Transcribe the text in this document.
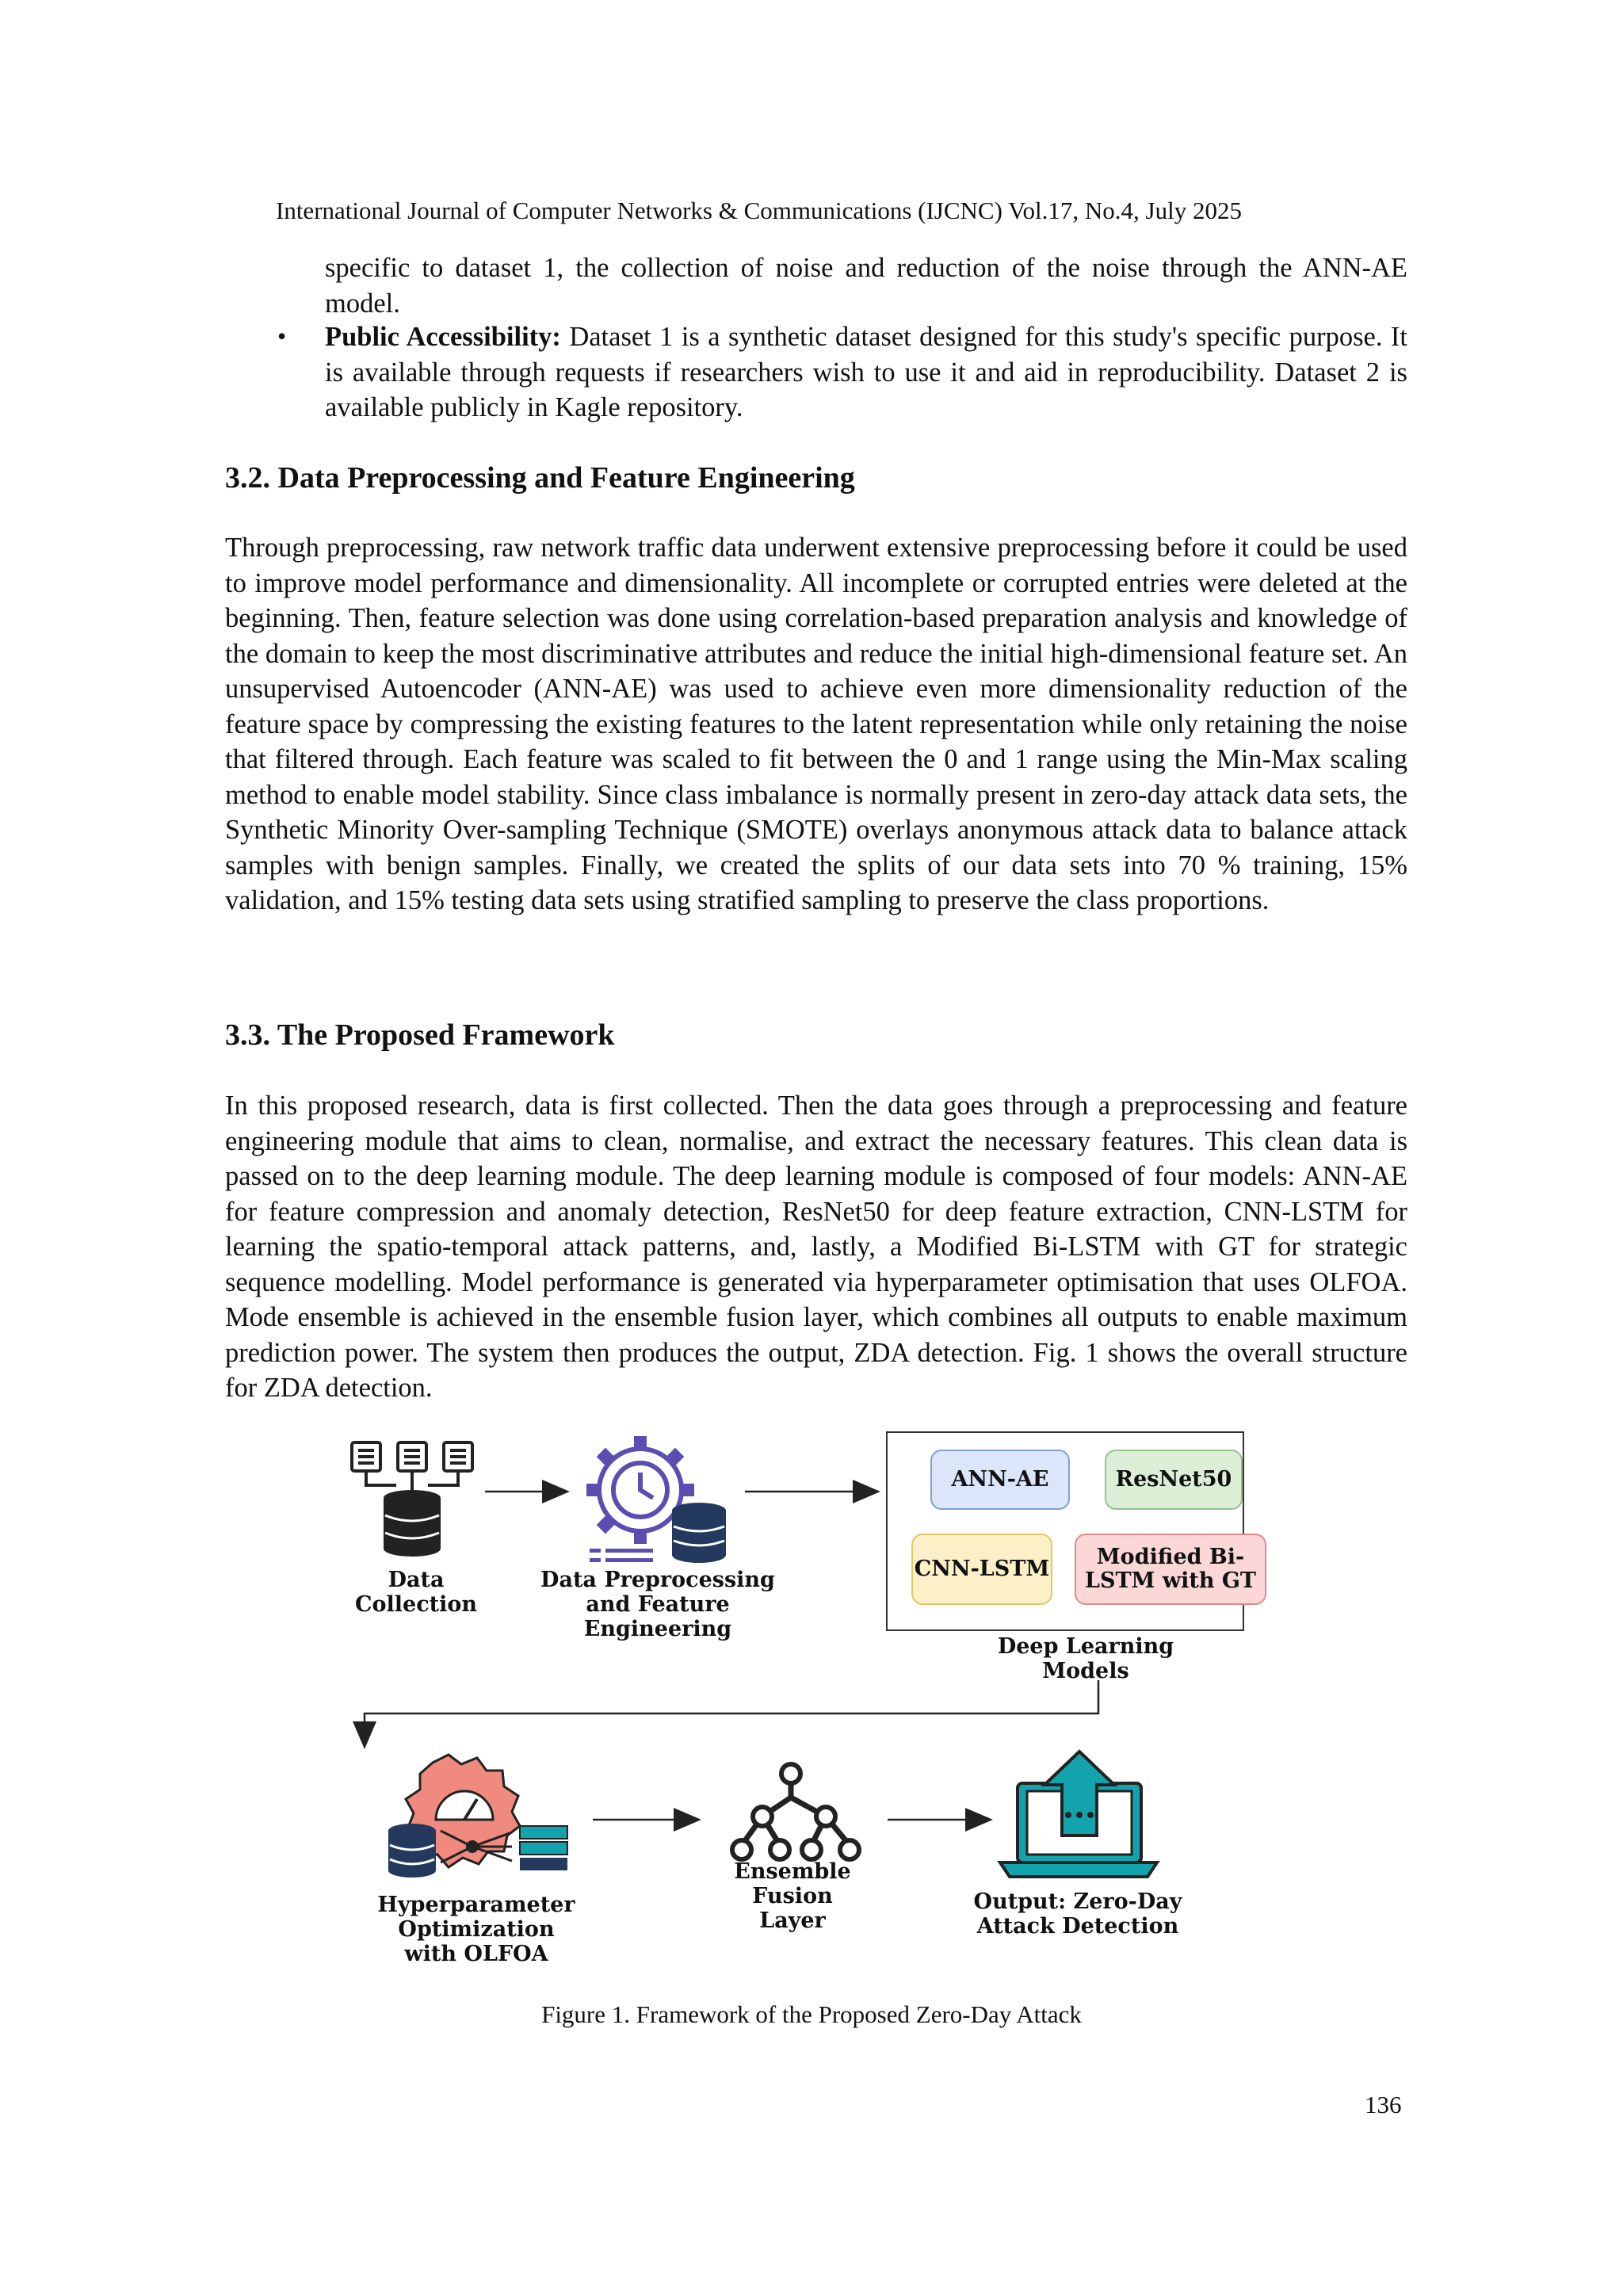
International Journal of Computer Networks & Communications (IJCNC) Vol.17, No.4, July 2025

specific to dataset 1, the collection of noise and reduction of the noise through the ANN-AE model.

• Public Accessibility: Dataset 1 is a synthetic dataset designed for this study's specific purpose. It is available through requests if researchers wish to use it and aid in reproducibility. Dataset 2 is available publicly in Kagle repository.

3.2. Data Preprocessing and Feature Engineering

Through preprocessing, raw network traffic data underwent extensive preprocessing before it could be used to improve model performance and dimensionality. All incomplete or corrupted entries were deleted at the beginning. Then, feature selection was done using correlation-based preparation analysis and knowledge of the domain to keep the most discriminative attributes and reduce the initial high-dimensional feature set. An unsupervised Autoencoder (ANN-AE) was used to achieve even more dimensionality reduction of the feature space by compressing the existing features to the latent representation while only retaining the noise that filtered through. Each feature was scaled to fit between the 0 and 1 range using the Min-Max scaling method to enable model stability. Since class imbalance is normally present in zero-day attack data sets, the Synthetic Minority Over-sampling Technique (SMOTE) overlays anonymous attack data to balance attack samples with benign samples. Finally, we created the splits of our data sets into 70 % training, 15% validation, and 15% testing data sets using stratified sampling to preserve the class proportions.

3.3. The Proposed Framework

In this proposed research, data is first collected. Then the data goes through a preprocessing and feature engineering module that aims to clean, normalise, and extract the necessary features. This clean data is passed on to the deep learning module. The deep learning module is composed of four models: ANN-AE for feature compression and anomaly detection, ResNet50 for deep feature extraction, CNN-LSTM for learning the spatio-temporal attack patterns, and, lastly, a Modified Bi-LSTM with GT for strategic sequence modelling. Model performance is generated via hyperparameter optimisation that uses OLFOA. Mode ensemble is achieved in the ensemble fusion layer, which combines all outputs to enable maximum prediction power. The system then produces the output, ZDA detection. Fig. 1 shows the overall structure for ZDA detection.

Data Collection
Data Preprocessing
and Feature
Engineering
ANN-AE	ResNet50
CNN-LSTM	Modified Bi-LSTM with GT
Deep Learning Models
Hyperparameter
Optimization
with OLFOA
Ensemble
Fusion
Layer
Output: Zero-Day
Attack Detection
Figure 1. Framework of the Proposed Zero-Day Attack
136
